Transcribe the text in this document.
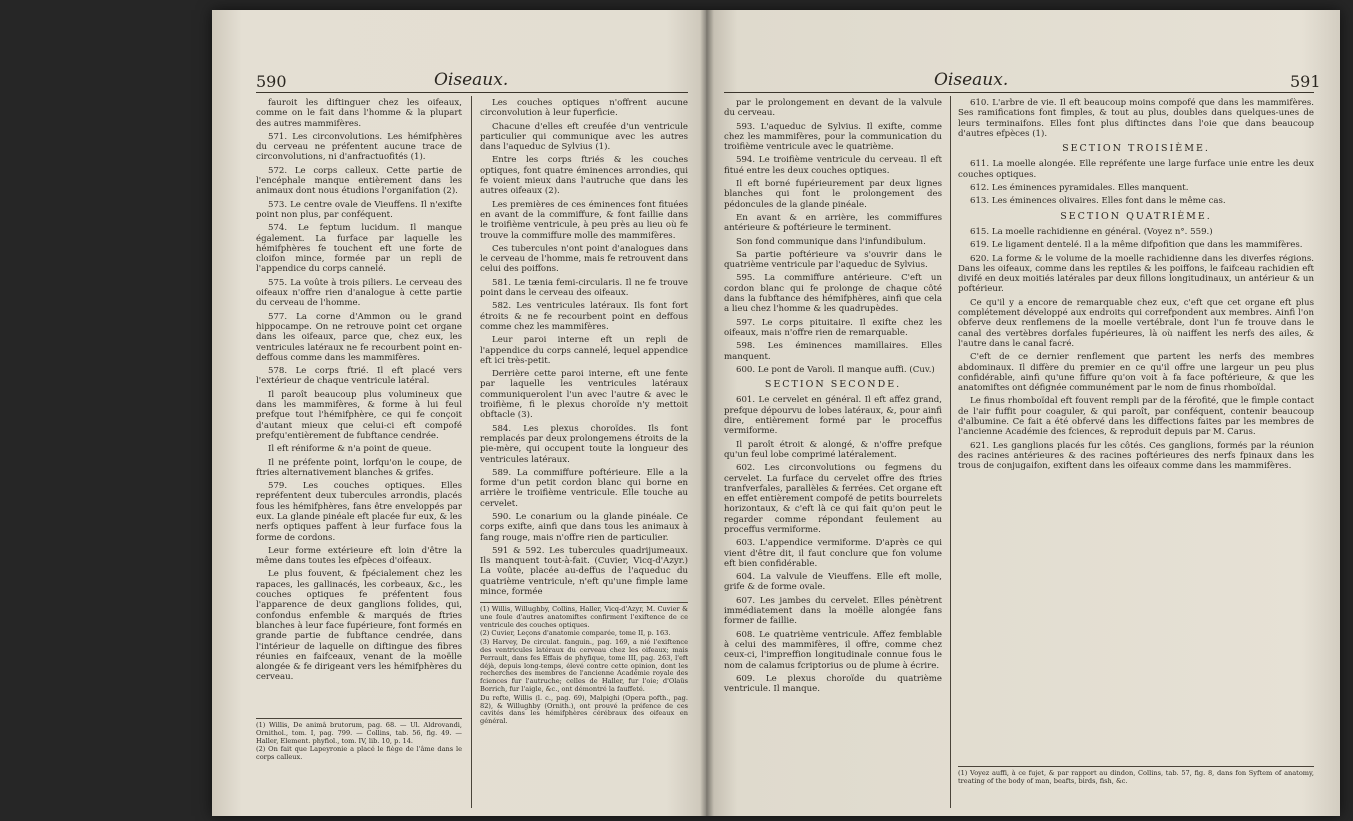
590	Oiseaux.

fauroit les diftinguer chez les oifeaux, comme on le fait dans l'homme & la plupart des autres mammifères.

571. Les circonvolutions. Les hémifphères du cerveau ne préfentent aucune trace de circonvolutions, ni d'anfractuofités (1).

572. Le corps calleux. Cette partie de l'encéphale manque entièrement dans les animaux dont nous étudions l'organifation (2).

573. Le centre ovale de Vieuffens. Il n'exifte point non plus, par conféquent.

574. Le feptum lucidum. Il manque également. La furface par laquelle les hémifphères fe touchent eft une forte de cloifon mince, formée par un repli de l'appendice du corps cannelé.

575. La voûte à trois piliers. Le cerveau des oifeaux n'offre rien d'analogue à cette partie du cerveau de l'homme.

577. La corne d'Ammon ou le grand hippocampe. On ne retrouve point cet organe dans les oifeaux, parce que, chez eux, les ventricules latéraux ne fe recourbent point en-deffous comme dans les mammifères.

578. Le corps ftrié. Il eft placé vers l'extérieur de chaque ventricule latéral.

Il paroît beaucoup plus volumineux que dans les mammifères, & forme à lui feul prefque tout l'hémifphère, ce qui fe conçoit d'autant mieux que celui-ci eft compofé prefqu'entièrement de fubftance cendrée.

Il eft réniforme & n'a point de queue.

Il ne préfente point, lorfqu'on le coupe, de ftries alternativement blanches & grifes.

579. Les couches optiques. Elles repréfentent deux tubercules arrondis, placés fous les hémifphères, fans être enveloppés par eux. La glande pinéale eft placée fur eux, & les nerfs optiques paffent à leur furface fous la forme de cordons.

Leur forme extérieure eft loin d'être la même dans toutes les efpèces d'oifeaux.

Le plus fouvent, & fpécialement chez les rapaces, les gallinacés, les corbeaux, &c., les couches optiques fe préfentent fous l'apparence de deux ganglions folides, qui, confondus enfemble & marqués de ftries blanches à leur face fupérieure, font formés en grande partie de fubftance cendrée, dans l'intérieur de laquelle on diftingue des fibres réunies en faifceaux, venant de la moëlle alongée & fe dirigeant vers les hémifphères du cerveau.

(1) Willis, De animâ brutorum, pag. 68. — Ul. Aldrovandi, Ornithol., tom. I, pag. 799. — Collins, tab. 56, fig. 49. — Haller, Element. phyfiol., tom. IV, lib. 10, p. 14.

(2) On fait que Lapeyronie a placé le fiège de l'âme dans le corps calleux.

Les couches optiques n'offrent aucune circonvolution à leur fuperficie.

Chacune d'elles eft creufée d'un ventricule particulier qui communique avec les autres dans l'aqueduc de Sylvius (1).

Entre les corps ftriés & les couches optiques, font quatre éminences arrondies, qui fe voient mieux dans l'autruche que dans les autres oifeaux (2).

Les premières de ces éminences font fituées en avant de la commiffure, & font faillie dans le troifième ventricule, à peu près au lieu où fe trouve la commiffure molle des mammifères.

Ces tubercules n'ont point d'analogues dans le cerveau de l'homme, mais fe retrouvent dans celui des poiffons.

581. Le tænia femi-circularis. Il ne fe trouve point dans le cerveau des oifeaux.

582. Les ventricules latéraux. Ils font fort étroits & ne fe recourbent point en deffous comme chez les mammifères.

Leur paroi interne eft un repli de l'appendice du corps cannelé, lequel appendice eft ici très-petit.

Derrière cette paroi interne, eft une fente par laquelle les ventricules latéraux communiquerolent l'un avec l'autre & avec le troifième, fi le plexus choroïde n'y mettoit obftacle (3).

584. Les plexus choroïdes. Ils font remplacés par deux prolongemens étroits de la pie-mère, qui occupent toute la longueur des ventricules latéraux.

589. La commiffure poftérieure. Elle a la forme d'un petit cordon blanc qui borne en arrière le troifième ventricule. Elle touche au cervelet.

590. Le conarium ou la glande pinéale. Ce corps exifte, ainfi que dans tous les animaux à fang rouge, mais n'offre rien de particulier.

591 & 592. Les tubercules quadrijumeaux. Ils manquent tout-à-fait. (Cuvier, Vicq-d'Azyr.) La voûte, placée au-deffus de l'aqueduc du quatrième ventricule, n'eft qu'une fimple lame mince, formée

(1) Willis, Willughby, Collins, Haller, Vicq-d'Azyr, M. Cuvier & une foule d'autres anatomiftes confirment l'exiftence de ce ventricule des couches optiques.

(2) Cuvier, Leçons d'anatomie comparée, tome II, p. 163.

(3) Harvey, De circulat. fanguin., pag. 169, a nié l'exiftence des ventricules latéraux du cerveau chez les oifeaux; mais Perrault, dans fes Effais de phyfique, tome III, pag. 263, l'eft déjà, depuis long-temps, élevé contre cette opinion, dont les recherches des membres de l'ancienne Académie royale des fciences fur l'autruche; celles de Haller, fur l'oie; d'Olaüs Borrich, fur l'aigle, &c., ont démontré la fauffeté.

Du refte, Willis (l. c., pag. 69), Malpighi (Opera pofth., pag. 82), & Willughby (Ornith.), ont prouvé la préfence de ces cavités dans les hémifphères cérébraux des oifeaux en général.

Oiseaux.	591

par le prolongement en devant de la valvule du cerveau.

593. L'aqueduc de Sylvius. Il exifte, comme chez les mammifères, pour la communication du troifième ventricule avec le quatrième.

594. Le troifième ventricule du cerveau. Il eft fitué entre les deux couches optiques.

Il eft borné fupérieurement par deux lignes blanches qui font le prolongement des pédoncules de la glande pinéale.

En avant & en arrière, les commiffures antérieure & poftérieure le terminent.

Son fond communique dans l'infundibulum.

Sa partie poftérieure va s'ouvrir dans le quatrième ventricule par l'aqueduc de Sylvius.

595. La commiffure antérieure. C'eft un cordon blanc qui fe prolonge de chaque côté dans la fubftance des hémifphères, ainfi que cela a lieu chez l'homme & les quadrupèdes.

597. Le corps pituitaire. Il exifte chez les oifeaux, mais n'offre rien de remarquable.

598. Les éminences mamillaires. Elles manquent.

600. Le pont de Varoli. Il manque auffi. (Cuv.)

SECTION SECONDE.

601. Le cervelet en général. Il eft affez grand, prefque dépourvu de lobes latéraux, &, pour ainfi dire, entièrement formé par le proceffus vermiforme.

Il paroît étroit & alongé, & n'offre prefque qu'un feul lobe comprimé latéralement.

602. Les circonvolutions ou fegmens du cervelet. La furface du cervelet offre des ftries tranfverfales, parallèles & ferrées. Cet organe eft en effet entièrement compofé de petits bourrelets horizontaux, & c'eft là ce qui fait qu'on peut le regarder comme répondant feulement au proceffus vermiforme.

603. L'appendice vermiforme. D'après ce qui vient d'être dit, il faut conclure que fon volume eft bien confidérable.

604. La valvule de Vieuffens. Elle eft molle, grife & de forme ovale.

607. Les jambes du cervelet. Elles pénètrent immédiatement dans la moëlle alongée fans former de faillie.

608. Le quatrième ventricule. Affez femblable à celui des mammifères, il offre, comme chez ceux-ci, l'impreffion longitudinale connue fous le nom de calamus fcriptorius ou de plume à écrire.

609. Le plexus choroïde du quatrième ventricule. Il manque.

610. L'arbre de vie. Il eft beaucoup moins compofé que dans les mammifères. Ses ramifications font fimples, & tout au plus, doubles dans quelques-unes de leurs terminaifons. Elles font plus diftinctes dans l'oie que dans beaucoup d'autres efpèces (1).

SECTION TROISIÈME.

611. La moelle alongée. Elle repréfente une large furface unie entre les deux couches optiques.

612. Les éminences pyramidales. Elles manquent.

613. Les éminences olivaires. Elles font dans le même cas.

SECTION QUATRIÈME.

615. La moelle rachidienne en général. (Voyez n°. 559.)

619. Le ligament dentelé. Il a la même difpofition que dans les mammifères.

620. La forme & le volume de la moelle rachidienne dans les diverfes régions. Dans les oifeaux, comme dans les reptiles & les poiffons, le faifceau rachidien eft divifé en deux moitiés latérales par deux fillons longitudinaux, un antérieur & un poftérieur.

Ce qu'il y a encore de remarquable chez eux, c'eft que cet organe eft plus complétement développé aux endroits qui correfpondent aux membres. Ainfi l'on obferve deux renflemens de la moelle vertébrale, dont l'un fe trouve dans le canal des vertèbres dorfales fupérieures, là où naiffent les nerfs des ailes, & l'autre dans le canal facré.

C'eft de ce dernier renflement que partent les nerfs des membres abdominaux. Il diffère du premier en ce qu'il offre une largeur un peu plus confidérable, ainfi qu'une fiffure qu'on voit à fa face poftérieure, & que les anatomiftes ont défignée communément par le nom de finus rhomboïdal.

Le finus rhomboïdal eft fouvent rempli par de la férofité, que le fimple contact de l'air fuffit pour coaguler, & qui paroît, par conféquent, contenir beaucoup d'albumine. Ce fait a été obfervé dans les diffections faites par les membres de l'ancienne Académie des fciences, & reproduit depuis par M. Carus.

621. Les ganglions placés fur les côtés. Ces ganglions, formés par la réunion des racines antérieures & des racines poftérieures des nerfs fpinaux dans les trous de conjugaifon, exiftent dans les oifeaux comme dans les mammifères.

(1) Voyez auffi, à ce fujet, & par rapport au dindon, Collins, tab. 57, fig. 8, dans fon Syftem of anatomy, treating of the body of man, beafts, birds, fish, &c.
